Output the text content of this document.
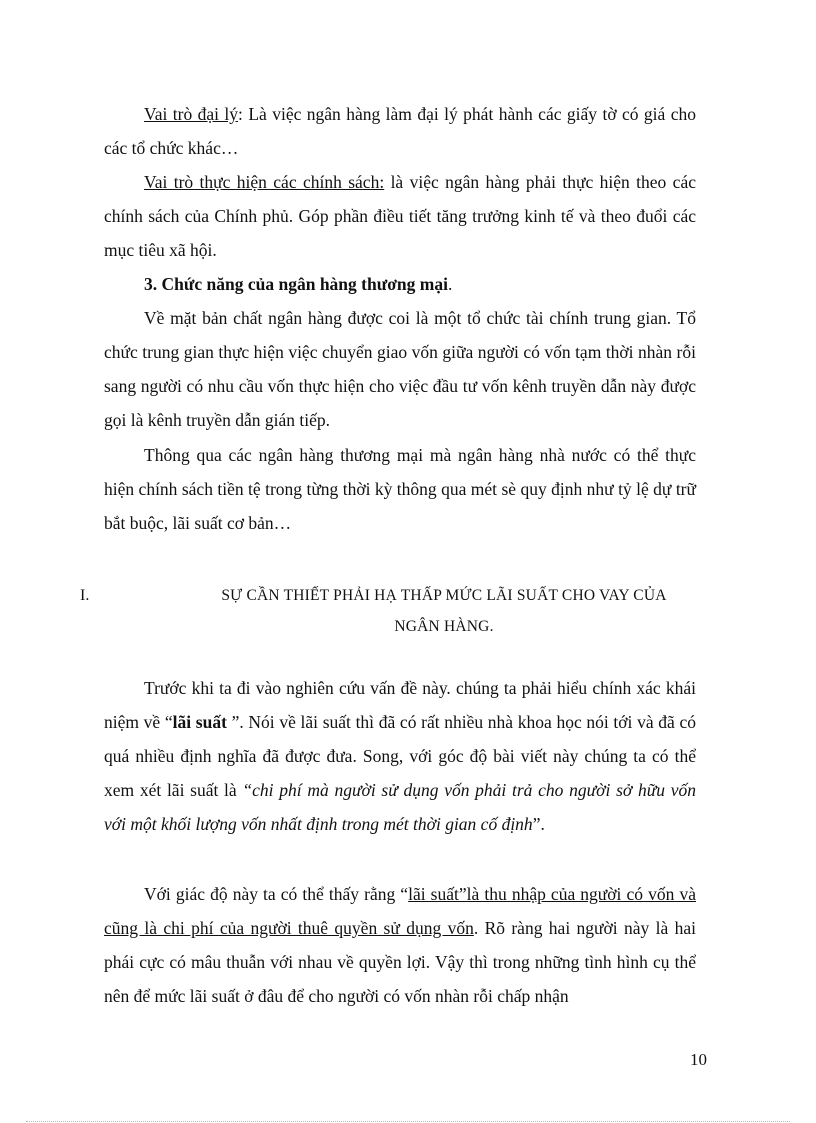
Vai trò đại lý: Là việc ngân hàng làm đại lý phát hành các giấy tờ có giá cho các tổ chức khác…

Vai trò thực hiện các chính sách: là việc ngân hàng phải thực hiện theo các chính sách của Chính phủ. Góp phần điều tiết tăng trưởng kinh tế và theo đuổi các mục tiêu xã hội.

3. Chức năng của ngân hàng thương mại.

Về mặt bản chất ngân hàng được coi là một tổ chức tài chính trung gian. Tổ chức trung gian thực hiện việc chuyển giao vốn giữa người có vốn tạm thời nhàn rỗi sang người có nhu cầu vốn thực hiện cho việc đầu tư vốn kênh truyền dẫn này được gọi là kênh truyền dẫn gián tiếp.

Thông qua các ngân hàng thương mại mà ngân hàng nhà nước có thể thực hiện chính sách tiền tệ trong từng thời kỳ thông qua mét sè quy định như tỷ lệ dự trữ bắt buộc, lãi suất cơ bản…

I.	SỰ CẦN THIẾT PHẢI HẠ THẤP MỨC LÃI SUẤT CHO VAY CỦA
NGÂN HÀNG.

Trước khi ta đi vào nghiên cứu vấn đề này. chúng ta phải hiểu chính xác khái niệm về “lãi suất ”. Nói về lãi suất thì đã có rất nhiều nhà khoa học nói tới và đã có quá nhiều định nghĩa đã được đưa. Song, với góc độ bài viết này chúng ta có thể xem xét lãi suất là “chi phí mà người sử dụng vốn phải trả cho người sở hữu vốn với một khối lượng vốn nhất định trong mét thời gian cố định”.

Với giác độ này ta có thể thấy rằng “lãi suất”là thu nhập của người có vốn và cũng là chi phí của người thuê quyền sử dụng vốn. Rõ ràng hai người này là hai phái cực có mâu thuẫn với nhau về quyền lợi. Vậy thì trong những tình hình cụ thể nên để mức lãi suất ở đâu để cho người có vốn nhàn rỗi chấp nhận

10
